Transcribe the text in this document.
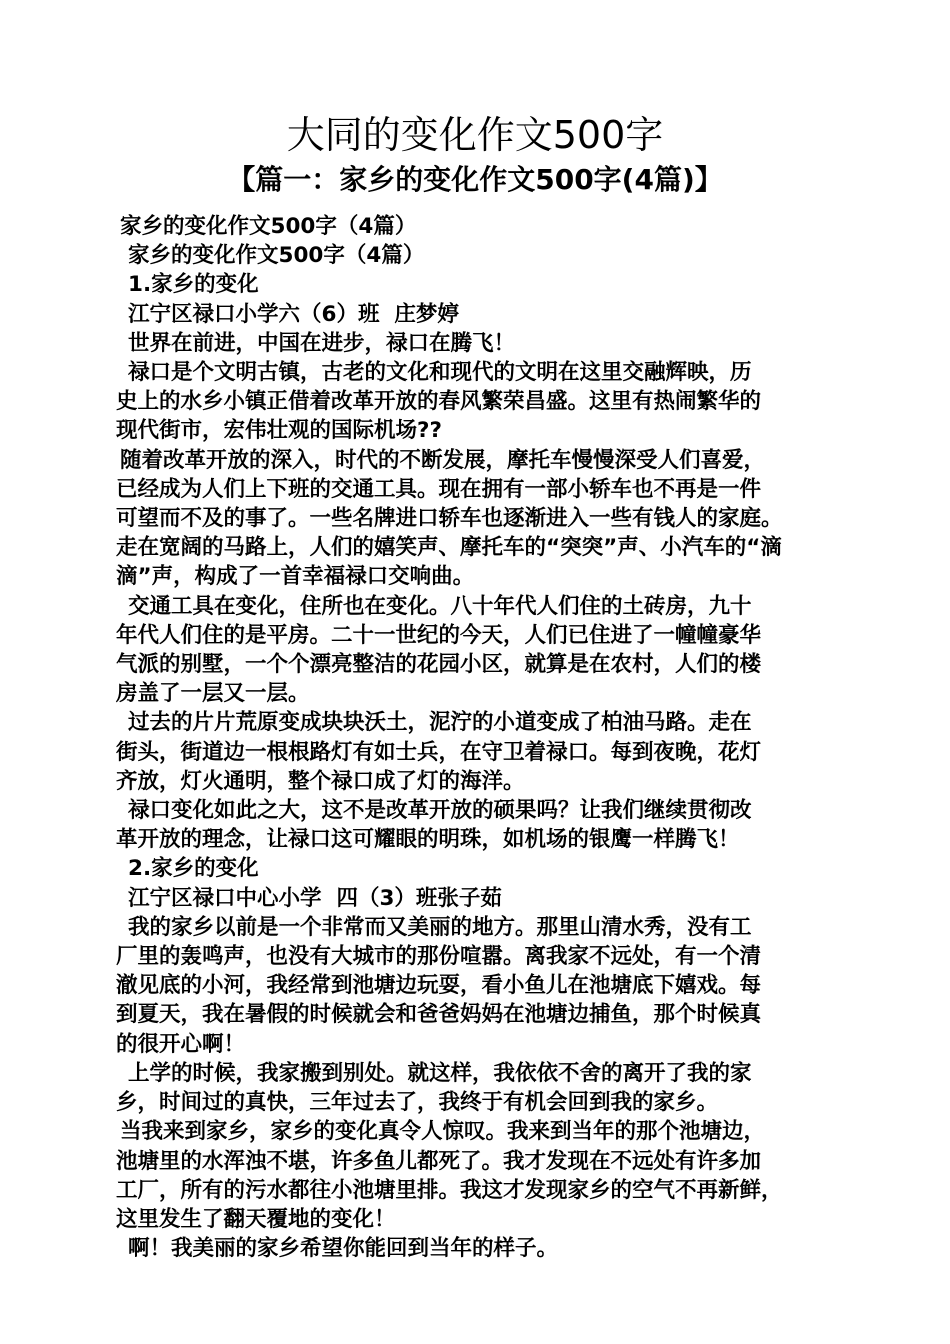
大同的变化作文500字
【篇一：家乡的变化作文500字(4篇)】
家乡的变化作文500字（4篇）
家乡的变化作文500字（4篇）
1.家乡的变化
江宁区禄口小学六（6）班  庄梦婷
世界在前进，中国在进步，禄口在腾飞！
禄口是个文明古镇，古老的文化和现代的文明在这里交融辉映，历
史上的水乡小镇正借着改革开放的春风繁荣昌盛。这里有热闹繁华的
现代街市，宏伟壮观的国际机场??
随着改革开放的深入，时代的不断发展，摩托车慢慢深受人们喜爱，
已经成为人们上下班的交通工具。现在拥有一部小轿车也不再是一件
可望而不及的事了。一些名牌进口轿车也逐渐进入一些有钱人的家庭。
走在宽阔的马路上，人们的嬉笑声、摩托车的“突突”声、小汽车的“滴
滴”声，构成了一首幸福禄口交响曲。
交通工具在变化，住所也在变化。八十年代人们住的土砖房，九十
年代人们住的是平房。二十一世纪的今天，人们已住进了一幢幢豪华
气派的别墅，一个个漂亮整洁的花园小区，就算是在农村，人们的楼
房盖了一层又一层。
过去的片片荒原变成块块沃土，泥泞的小道变成了柏油马路。走在
街头，街道边一根根路灯有如士兵，在守卫着禄口。每到夜晚，花灯
齐放，灯火通明，整个禄口成了灯的海洋。
禄口变化如此之大，这不是改革开放的硕果吗？让我们继续贯彻改
革开放的理念，让禄口这可耀眼的明珠，如机场的银鹰一样腾飞！
2.家乡的变化
江宁区禄口中心小学  四（3）班张子茹
我的家乡以前是一个非常而又美丽的地方。那里山清水秀，没有工
厂里的轰鸣声，也没有大城市的那份喧嚣。离我家不远处，有一个清
澈见底的小河，我经常到池塘边玩耍，看小鱼儿在池塘底下嬉戏。每
到夏天，我在暑假的时候就会和爸爸妈妈在池塘边捕鱼，那个时候真
的很开心啊！
上学的时候，我家搬到别处。就这样，我依依不舍的离开了我的家
乡，时间过的真快，三年过去了，我终于有机会回到我的家乡。
当我来到家乡，家乡的变化真令人惊叹。我来到当年的那个池塘边，
池塘里的水浑浊不堪，许多鱼儿都死了。我才发现在不远处有许多加
工厂，所有的污水都往小池塘里排。我这才发现家乡的空气不再新鲜，
这里发生了翻天覆地的变化！
啊！我美丽的家乡希望你能回到当年的样子。
